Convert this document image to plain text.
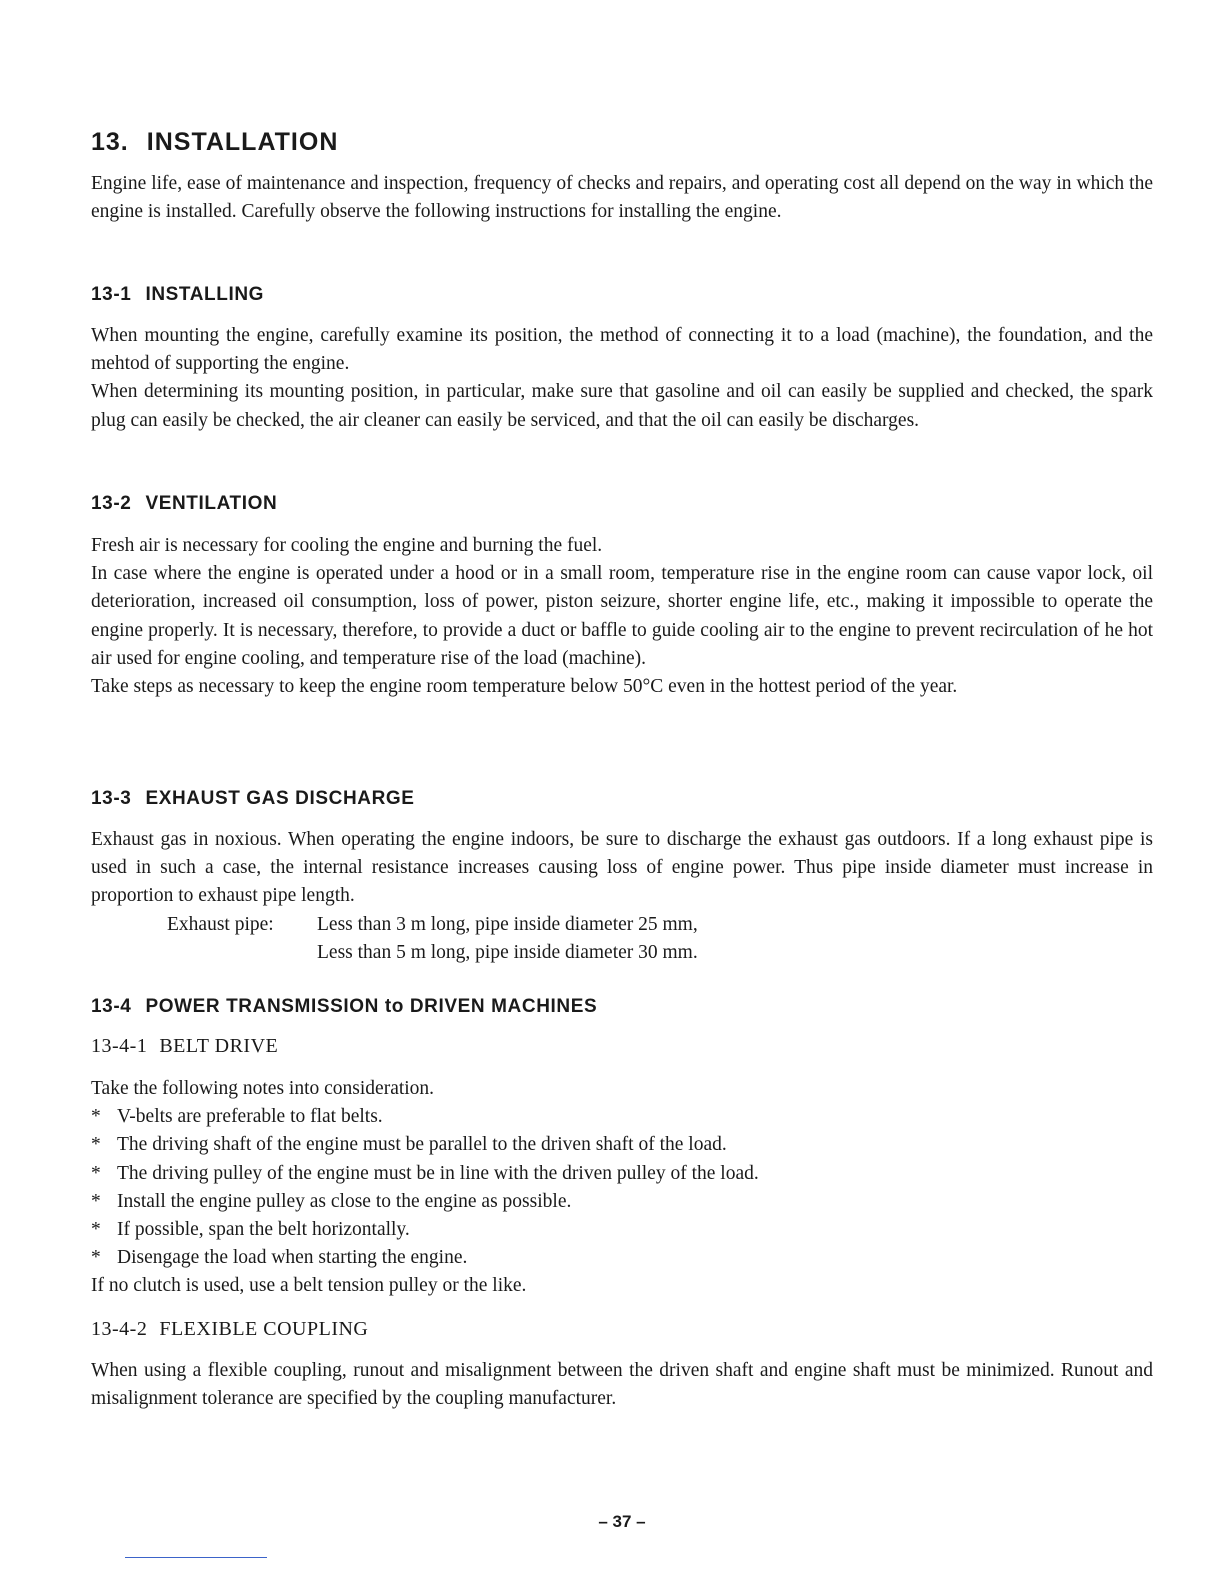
13. INSTALLATION

Engine life, ease of maintenance and inspection, frequency of checks and repairs, and operating cost all depend on the way in which the engine is installed. Carefully observe the following instructions for installing the engine.

13-1 INSTALLING

When mounting the engine, carefully examine its position, the method of connecting it to a load (machine), the foundation, and the mehtod of supporting the engine.

When determining its mounting position, in particular, make sure that gasoline and oil can easily be supplied and checked, the spark plug can easily be checked, the air cleaner can easily be serviced, and that the oil can easily be discharges.

13-2 VENTILATION

Fresh air is necessary for cooling the engine and burning the fuel.

In case where the engine is operated under a hood or in a small room, temperature rise in the engine room can cause vapor lock, oil deterioration, increased oil consumption, loss of power, piston seizure, shorter engine life, etc., making it impossible to operate the engine properly. It is necessary, therefore, to provide a duct or baffle to guide cooling air to the engine to prevent recirculation of he hot air used for engine cooling, and temperature rise of the load (machine).

Take steps as necessary to keep the engine room temperature below 50°C even in the hottest period of the year.

13-3 EXHAUST GAS DISCHARGE

Exhaust gas in noxious. When operating the engine indoors, be sure to discharge the exhaust gas outdoors. If a long exhaust pipe is used in such a case, the internal resistance increases causing loss of engine power. Thus pipe inside diameter must increase in proportion to exhaust pipe length.

Exhaust pipe: Less than 3 m long, pipe inside diameter 25 mm,
Less than 5 m long, pipe inside diameter 30 mm.
13-4 POWER TRANSMISSION to DRIVEN MACHINES
13-4-1 BELT DRIVE
Take the following notes into consideration.
* V-belts are preferable to flat belts.
* The driving shaft of the engine must be parallel to the driven shaft of the load.
* The driving pulley of the engine must be in line with the driven pulley of the load.
* Install the engine pulley as close to the engine as possible.
* If possible, span the belt horizontally.
* Disengage the load when starting the engine.
If no clutch is used, use a belt tension pulley or the like.
13-4-2 FLEXIBLE COUPLING

When using a flexible coupling, runout and misalignment between the driven shaft and engine shaft must be minimized. Runout and misalignment tolerance are specified by the coupling manufacturer.

– 37 –
